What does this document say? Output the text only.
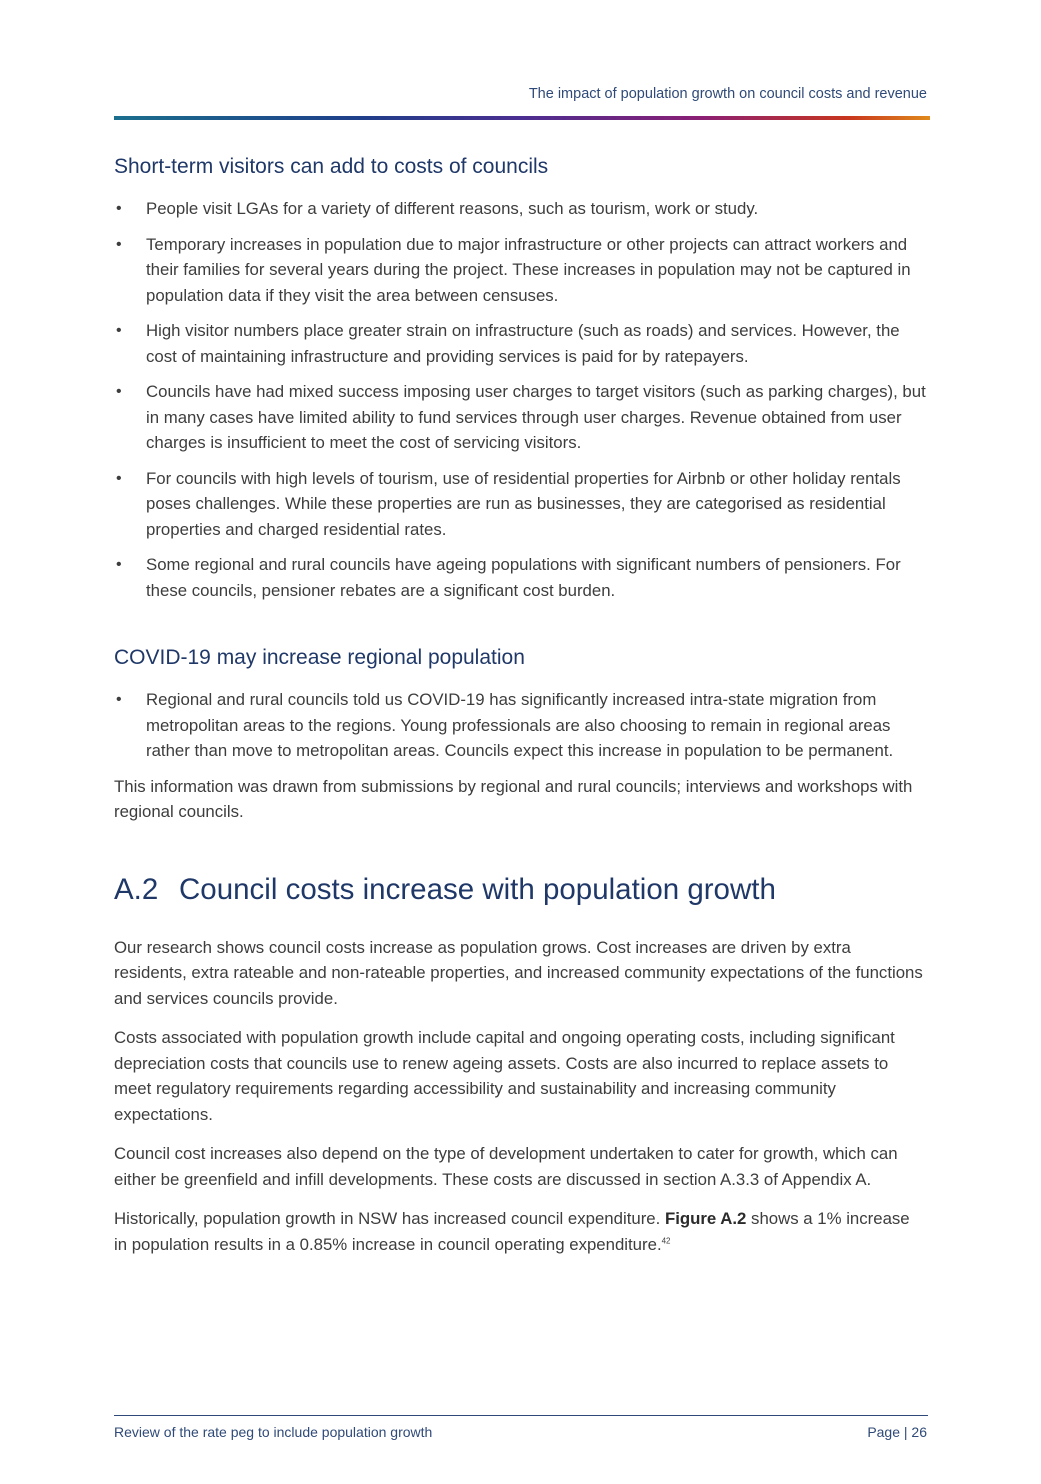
The impact of population growth on council costs and revenue
Short-term visitors can add to costs of councils
• People visit LGAs for a variety of different reasons, such as tourism, work or study.
• Temporary increases in population due to major infrastructure or other projects can attract workers and their families for several years during the project. These increases in population may not be captured in population data if they visit the area between censuses.
• High visitor numbers place greater strain on infrastructure (such as roads) and services. However, the cost of maintaining infrastructure and providing services is paid for by ratepayers.
• Councils have had mixed success imposing user charges to target visitors (such as parking charges), but in many cases have limited ability to fund services through user charges. Revenue obtained from user charges is insufficient to meet the cost of servicing visitors.
• For councils with high levels of tourism, use of residential properties for Airbnb or other holiday rentals poses challenges. While these properties are run as businesses, they are categorised as residential properties and charged residential rates.
• Some regional and rural councils have ageing populations with significant numbers of pensioners. For these councils, pensioner rebates are a significant cost burden.
COVID-19 may increase regional population
• Regional and rural councils told us COVID-19 has significantly increased intra-state migration from metropolitan areas to the regions. Young professionals are also choosing to remain in regional areas rather than move to metropolitan areas. Councils expect this increase in population to be permanent.

This information was drawn from submissions by regional and rural councils; interviews and workshops with regional councils.

A.2 Council costs increase with population growth

Our research shows council costs increase as population grows. Cost increases are driven by extra residents, extra rateable and non-rateable properties, and increased community expectations of the functions and services councils provide.

Costs associated with population growth include capital and ongoing operating costs, including significant depreciation costs that councils use to renew ageing assets. Costs are also incurred to replace assets to meet regulatory requirements regarding accessibility and sustainability and increasing community expectations.

Council cost increases also depend on the type of development undertaken to cater for growth, which can either be greenfield and infill developments. These costs are discussed in section A.3.3 of Appendix A.

Historically, population growth in NSW has increased council expenditure. Figure A.2 shows a 1% increase in population results in a 0.85% increase in council operating expenditure.$^{42}$

Review of the rate peg to include population growth	Page | 26
